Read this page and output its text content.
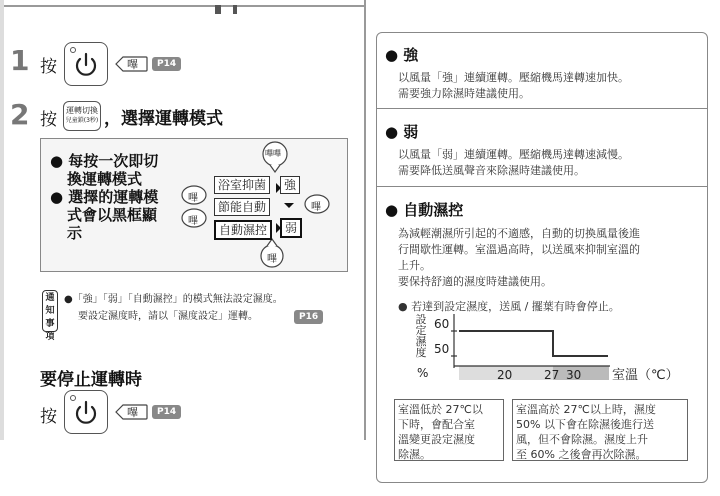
1 按	嗶	P14
2 按 運轉切換
兒童鎖(3秒) ，選擇運轉模式
● 每按一次即切
換運轉模式
● 選擇的運轉模
式會以黑框顯
示
嗶嗶
嗶
嗶
嗶
嗶
浴室抑菌	強
節能自動
自動濕控	弱
通知事項
●「強」「弱」「自動濕控」的模式無法設定濕度。
要設定濕度時，請以「濕度設定」運轉。	P16
要停止運轉時
按	嗶	P14
● 強
以風量「強」連續運轉。壓縮機馬達轉速加快。
需要強力除濕時建議使用。
● 弱
以風量「弱」連續運轉。壓縮機馬達轉速減慢。
需要降低送風聲音來除濕時建議使用。
● 自動濕控
為減輕潮濕所引起的不適感，自動的切換風量後進
行間歇性運轉。室溫過高時，以送風來抑制室溫的
上升。
要保持舒適的濕度時建議使用。
● 若達到設定濕度，送風 / 擺葉有時會停止。
設
定
濕
度
%
60
50
20	27 30 室溫（℃）
室溫低於 27℃以
下時，會配合室
溫變更設定濕度
除濕。
室溫高於 27℃以上時，濕度
50% 以下會在除濕後進行送
風，但不會除濕。濕度上升
至 60% 之後會再次除濕。
